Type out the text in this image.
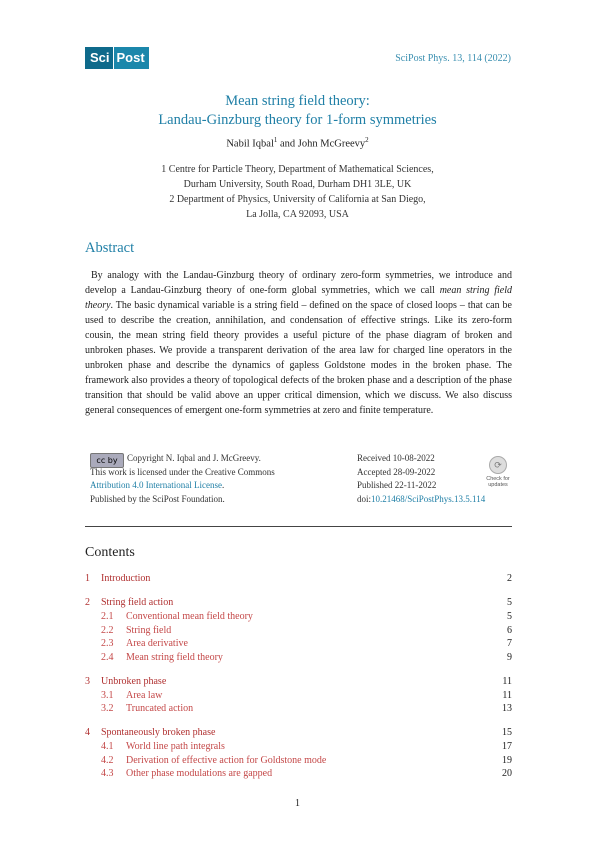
Sci Post	SciPost Phys. 13, 114 (2022)
Mean string field theory:
Landau-Ginzburg theory for 1-form symmetries
Nabil Iqbal$^1$ and John McGreevy$^2$
1 Centre for Particle Theory, Department of Mathematical Sciences,
Durham University, South Road, Durham DH1 3LE, UK
2 Department of Physics, University of California at San Diego,
La Jolla, CA 92093, USA
Abstract
By analogy with the Landau-Ginzburg theory of ordinary zero-form symmetries, we introduce and develop a Landau-Ginzburg theory of one-form global symmetries, which we call mean string field theory. The basic dynamical variable is a string field – defined on the space of closed loops – that can be used to describe the creation, annihilation, and condensation of effective strings. Like its zero-form cousin, the mean string field theory provides a useful picture of the phase diagram of broken and unbroken phases. We provide a transparent derivation of the area law for charged line operators in the unbroken phase and describe the dynamics of gapless Goldstone modes in the broken phase. The framework also provides a theory of topological defects of the broken phase and a description of the phase transition that should be valid above an upper critical dimension, which we discuss. We also discuss general consequences of emergent one-form symmetries at zero and finite temperature.
cc by	Copyright N. Iqbal and J. McGreevy.
This work is licensed under the Creative Commons
Attribution 4.0 International License.
Published by the SciPost Foundation.
Received 10-08-2022
Accepted 28-09-2022
Published 22-11-2022
doi:10.21468/SciPostPhys.13.5.114
⟳
Check for
updates
Contents
1	Introduction	2
2	String field action	5
2.1	Conventional mean field theory	5
2.2	String field	6
2.3	Area derivative	7
2.4	Mean string field theory	9
3	Unbroken phase	11
3.1	Area law	11
3.2	Truncated action	13
4	Spontaneously broken phase	15
4.1	World line path integrals	17
4.2	Derivation of effective action for Goldstone mode	19
4.3	Other phase modulations are gapped	20
1
